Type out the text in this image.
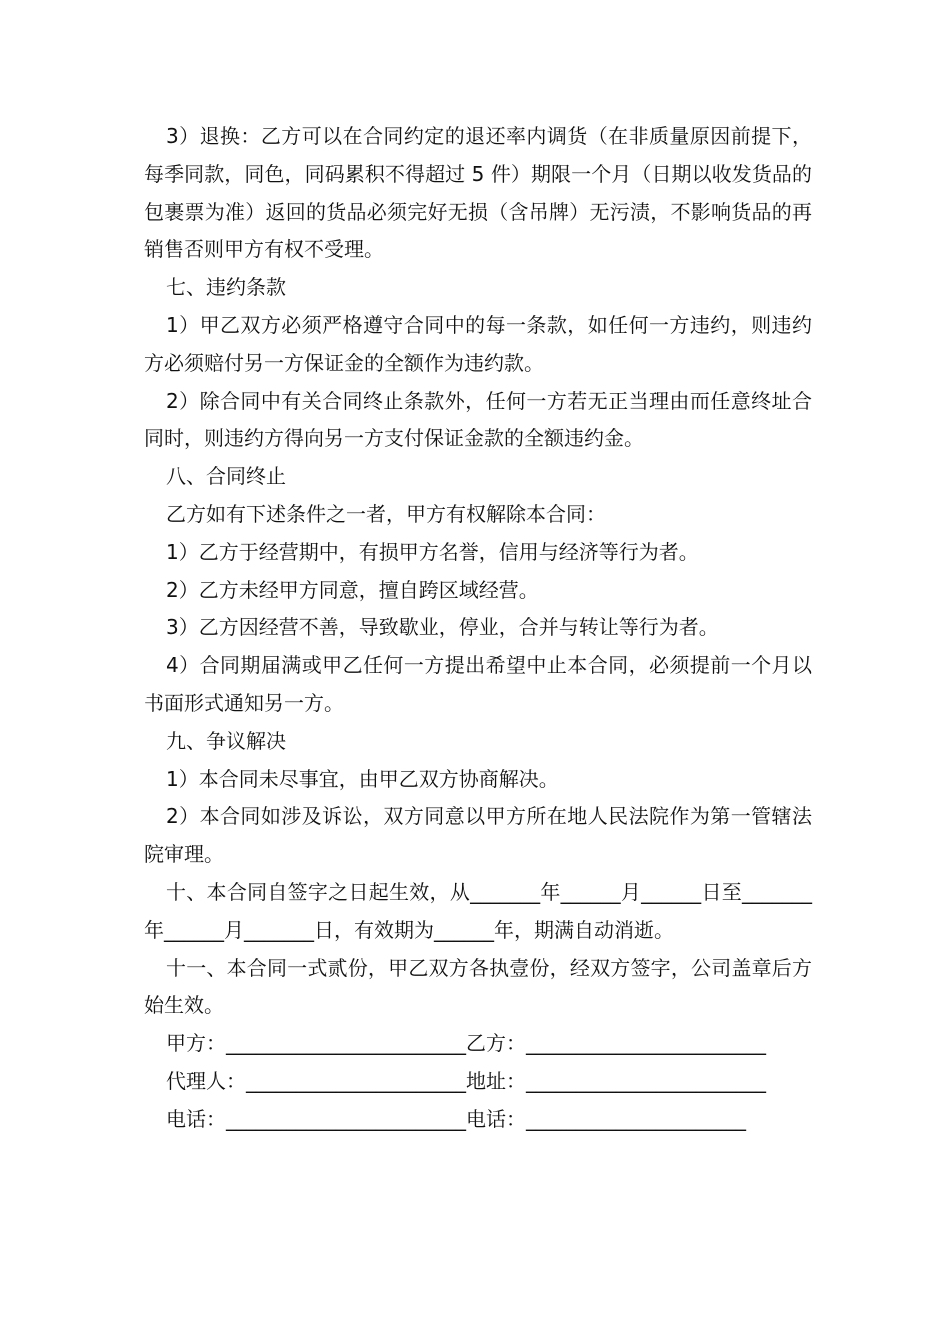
3）退换：乙方可以在合同约定的退还率内调货（在非质量原因前提下，每季同款，同色，同码累积不得超过 5 件）期限一个月（日期以收发货品的包裹票为准）返回的货品必须完好无损（含吊牌）无污渍，不影响货品的再销售否则甲方有权不受理。

七、违约条款

1）甲乙双方必须严格遵守合同中的每一条款，如任何一方违约，则违约方必须赔付另一方保证金的全额作为违约款。

2）除合同中有关合同终止条款外，任何一方若无正当理由而任意终址合同时，则违约方得向另一方支付保证金款的全额违约金。

八、合同终止

乙方如有下述条件之一者，甲方有权解除本合同：

1）乙方于经营期中，有损甲方名誉，信用与经济等行为者。

2）乙方未经甲方同意，擅自跨区域经营。

3）乙方因经营不善，导致歇业，停业，合并与转让等行为者。

4）合同期届满或甲乙任何一方提出希望中止本合同，必须提前一个月以书面形式通知另一方。

九、争议解决

1）本合同未尽事宜，由甲乙双方协商解决。

2）本合同如涉及诉讼，双方同意以甲方所在地人民法院作为第一管辖法院审理。

十、本合同自签字之日起生效，从_______年______月______日至_______年______月_______日，有效期为______年，期满自动消逝。

十一、本合同一式贰份，甲乙双方各执壹份，经双方签字，公司盖章后方始生效。

甲方：________________________乙方：________________________

代理人：______________________地址：________________________

电话：________________________电话：______________________
